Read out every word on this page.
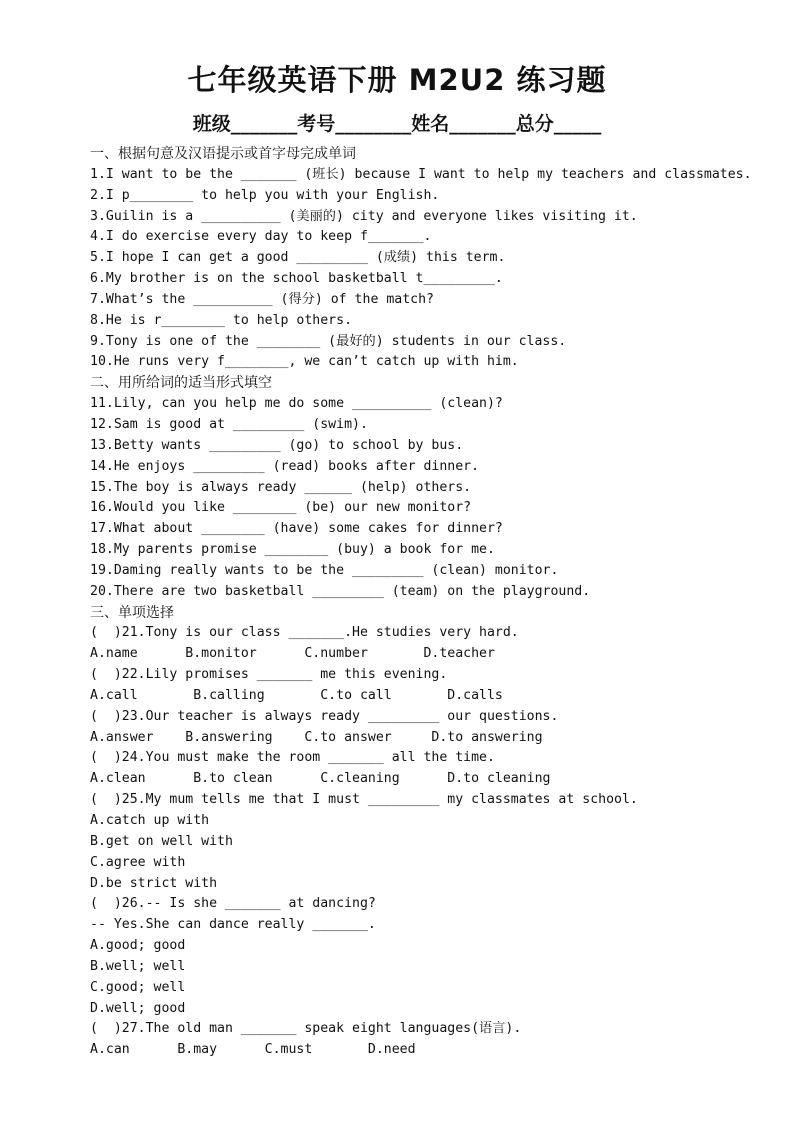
七年级英语下册 M2U2 练习题
班级_______考号________姓名_______总分_____
一、根据句意及汉语提示或首字母完成单词
1.I want to be the _______ (班长) because I want to help my teachers and classmates.
2.I p________ to help you with your English.
3.Guilin is a __________ (美丽的) city and everyone likes visiting it.
4.I do exercise every day to keep f_______.
5.I hope I can get a good _________ (成绩) this term.
6.My brother is on the school basketball t_________.
7.What’s the __________ (得分) of the match?
8.He is r________ to help others.
9.Tony is one of the ________ (最好的) students in our class.
10.He runs very f________, we can’t catch up with him.
二、用所给词的适当形式填空
11.Lily, can you help me do some __________ (clean)?
12.Sam is good at _________ (swim).
13.Betty wants _________ (go) to school by bus.
14.He enjoys _________ (read) books after dinner.
15.The boy is always ready ______ (help) others.
16.Would you like ________ (be) our new monitor?
17.What about ________ (have) some cakes for dinner?
18.My parents promise ________ (buy) a book for me.
19.Daming really wants to be the _________ (clean) monitor.
20.There are two basketball _________ (team) on the playground.
三、单项选择
(  )21.Tony is our class _______.He studies very hard.
A.name      B.monitor      C.number       D.teacher
(  )22.Lily promises _______ me this evening.
A.call       B.calling       C.to call       D.calls
(  )23.Our teacher is always ready _________ our questions.
A.answer    B.answering    C.to answer     D.to answering
(  )24.You must make the room _______ all the time.
A.clean      B.to clean      C.cleaning      D.to cleaning
(  )25.My mum tells me that I must _________ my classmates at school.
A.catch up with
B.get on well with
C.agree with
D.be strict with
(  )26.-- Is she _______ at dancing?
-- Yes.She can dance really _______.
A.good; good
B.well; well
C.good; well
D.well; good
(  )27.The old man _______ speak eight languages(语言).
A.can      B.may      C.must       D.need
